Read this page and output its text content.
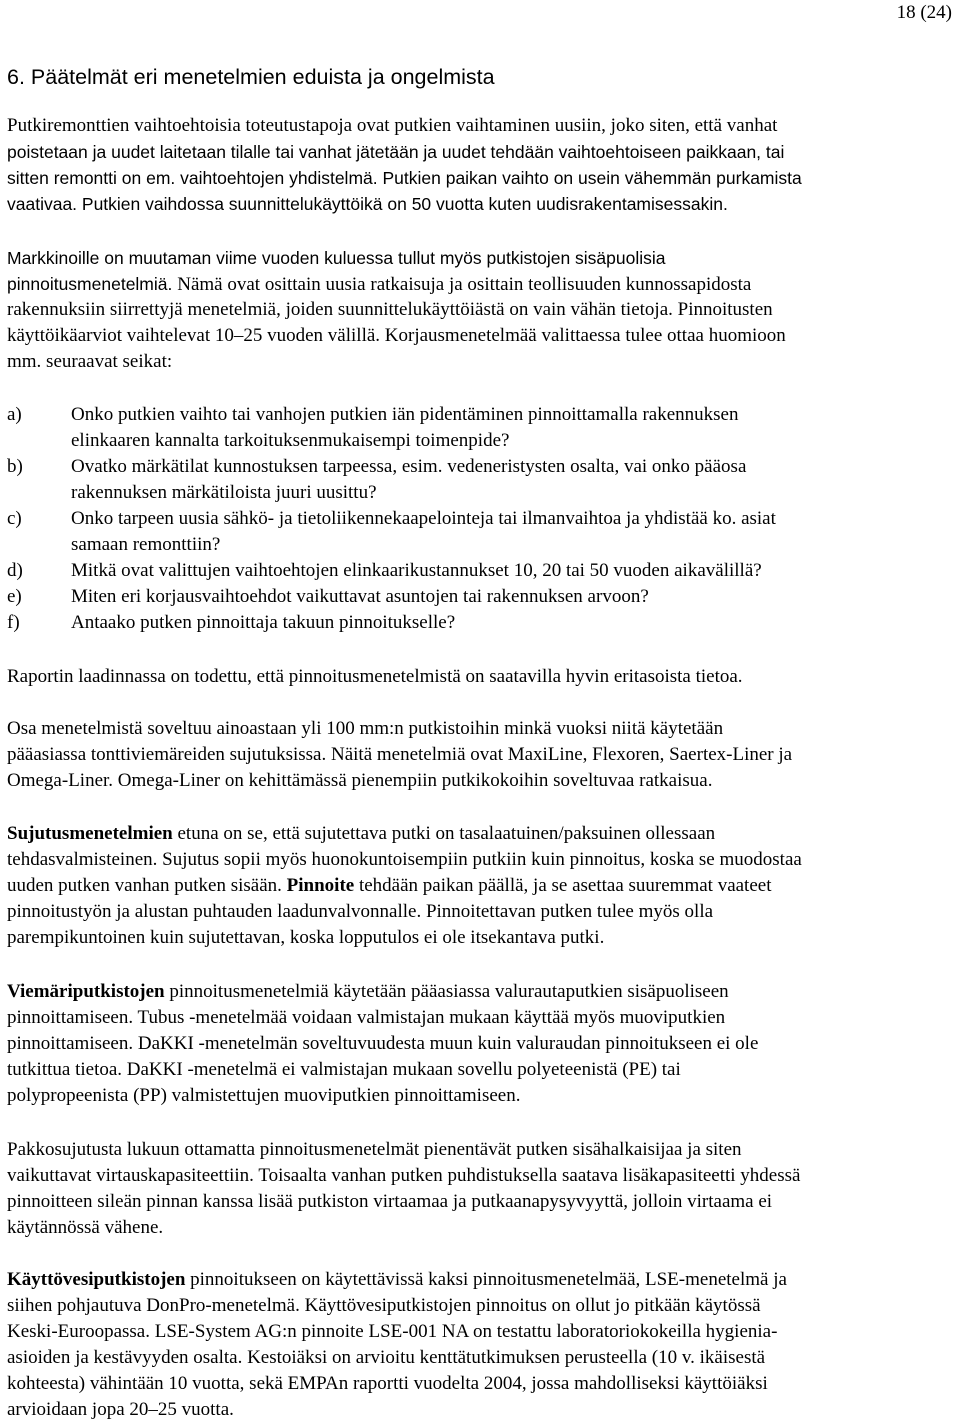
18 (24)
6. Päätelmät eri menetelmien eduista ja ongelmista
Putkiremonttien vaihtoehtoisia toteutustapoja ovat putkien vaihtaminen uusiin, joko siten, että vanhat
poistetaan ja uudet laitetaan tilalle tai vanhat jätetään ja uudet tehdään vaihtoehtoiseen paikkaan, tai
sitten remontti on em. vaihtoehtojen yhdistelmä. Putkien paikan vaihto on usein vähemmän purkamista
vaativaa. Putkien vaihdossa suunnittelukäyttöikä on 50 vuotta kuten uudisrakentamisessakin.
Markkinoille on muutaman viime vuoden kuluessa tullut myös putkistojen sisäpuolisia
pinnoitusmenetelmiä. Nämä ovat osittain uusia ratkaisuja ja osittain teollisuuden kunnossapidosta
rakennuksiin siirrettyjä menetelmiä, joiden suunnittelukäyttöiästä on vain vähän tietoja. Pinnoitusten
käyttöikäarviot vaihtelevat 10–25 vuoden välillä. Korjausmenetelmää valittaessa tulee ottaa huomioon
mm. seuraavat seikat:
a)	Onko putkien vaihto tai vanhojen putkien iän pidentäminen pinnoittamalla rakennuksen
elinkaaren kannalta tarkoituksenmukaisempi toimenpide?
b)	Ovatko märkätilat kunnostuksen tarpeessa, esim. vedeneristysten osalta, vai onko pääosa
rakennuksen märkätiloista juuri uusittu?
c)	Onko tarpeen uusia sähkö- ja tietoliikennekaapelointeja tai ilmanvaihtoa ja yhdistää ko. asiat
samaan remonttiin?
d)	Mitkä ovat valittujen vaihtoehtojen elinkaarikustannukset 10, 20 tai 50 vuoden aikavälillä?
e)	Miten eri korjausvaihtoehdot vaikuttavat asuntojen tai rakennuksen arvoon?
f)	Antaako putken pinnoittaja takuun pinnoitukselle?
Raportin laadinnassa on todettu, että pinnoitusmenetelmistä on saatavilla hyvin eritasoista tietoa.
Osa menetelmistä soveltuu ainoastaan yli 100 mm:n putkistoihin minkä vuoksi niitä käytetään
pääasiassa tonttiviemäreiden sujutuksissa. Näitä menetelmiä ovat MaxiLine, Flexoren, Saertex-Liner ja
Omega-Liner. Omega-Liner on kehittämässä pienempiin putkikokoihin soveltuvaa ratkaisua.
Sujutusmenetelmien etuna on se, että sujutettava putki on tasalaatuinen/paksuinen ollessaan
tehdasvalmisteinen. Sujutus sopii myös huonokuntoisempiin putkiin kuin pinnoitus, koska se muodostaa
uuden putken vanhan putken sisään. Pinnoite tehdään paikan päällä, ja se asettaa suuremmat vaateet
pinnoitustyön ja alustan puhtauden laadunvalvonnalle. Pinnoitettavan putken tulee myös olla
parempikuntoinen kuin sujutettavan, koska lopputulos ei ole itsekantava putki.
Viemäriputkistojen pinnoitusmenetelmiä käytetään pääasiassa valurautaputkien sisäpuoliseen
pinnoittamiseen. Tubus -menetelmää voidaan valmistajan mukaan käyttää myös muoviputkien
pinnoittamiseen. DaKKI -menetelmän soveltuvuudesta muun kuin valuraudan pinnoitukseen ei ole
tutkittua tietoa. DaKKI -menetelmä ei valmistajan mukaan sovellu polyeteenistä (PE) tai
polypropeenista (PP) valmistettujen muoviputkien pinnoittamiseen.
Pakkosujutusta lukuun ottamatta pinnoitusmenetelmät pienentävät putken sisähalkaisijaa ja siten
vaikuttavat virtauskapasiteettiin. Toisaalta vanhan putken puhdistuksella saatava lisäkapasiteetti yhdessä
pinnoitteen sileän pinnan kanssa lisää putkiston virtaamaa ja putkaanapysyvyyttä, jolloin virtaama ei
käytännössä vähene.
Käyttövesiputkistojen pinnoitukseen on käytettävissä kaksi pinnoitusmenetelmää, LSE-menetelmä ja
siihen pohjautuva DonPro-menetelmä. Käyttövesiputkistojen pinnoitus on ollut jo pitkään käytössä
Keski-Euroopassa. LSE-System AG:n pinnoite LSE-001 NA on testattu laboratoriokokeilla hygienia-
asioiden ja kestävyyden osalta. Kestoiäksi on arvioitu kenttätutkimuksen perusteella (10 v. ikäisestä
kohteesta) vähintään 10 vuotta, sekä EMPAn raportti vuodelta 2004, jossa mahdolliseksi käyttöiäksi
arvioidaan jopa 20–25 vuotta.
